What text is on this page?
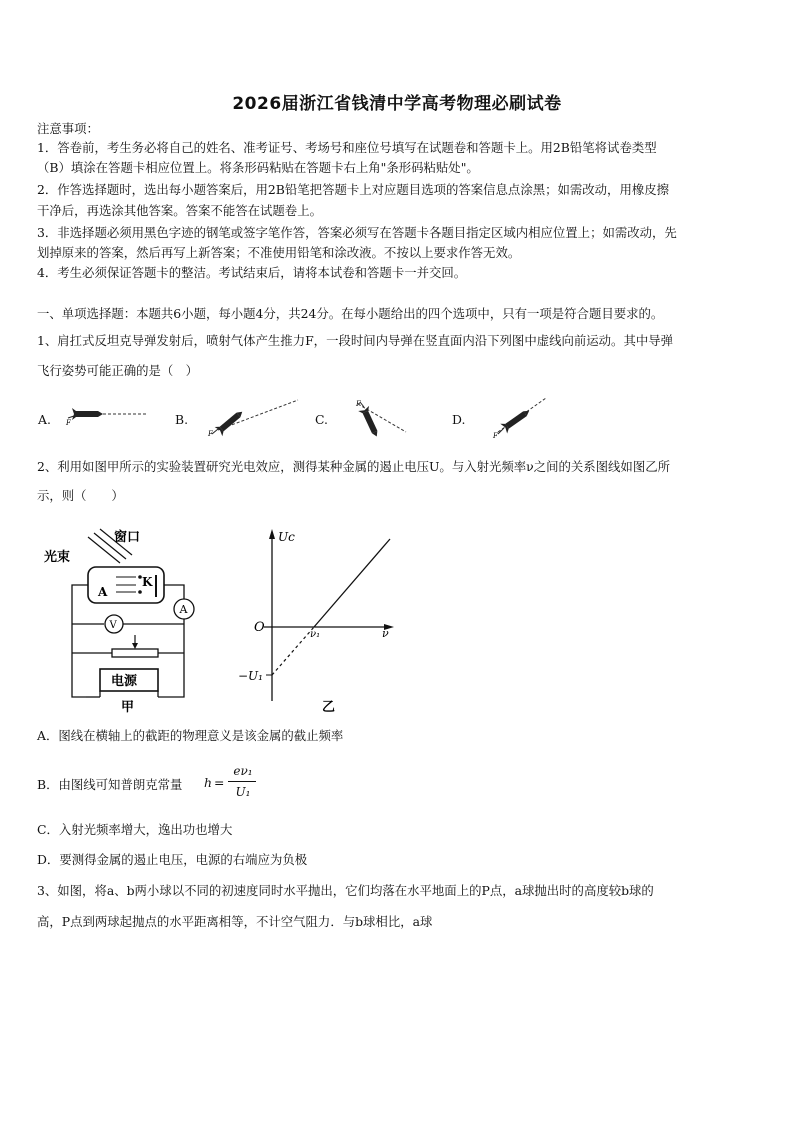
2026届浙江省钱清中学高考物理必刷试卷
注意事项：
1．答卷前，考生务必将自己的姓名、准考证号、考场号和座位号填写在试题卷和答题卡上。用2B铅笔将试卷类型
（B）填涂在答题卡相应位置上。将条形码粘贴在答题卡右上角"条形码粘贴处"。
2．作答选择题时，选出每小题答案后，用2B铅笔把答题卡上对应题目选项的答案信息点涂黑；如需改动，用橡皮擦
干净后，再选涂其他答案。答案不能答在试题卷上。
3．非选择题必须用黑色字迹的钢笔或签字笔作答，答案必须写在答题卡各题目指定区域内相应位置上；如需改动，先
划掉原来的答案，然后再写上新答案；不准使用铅笔和涂改液。不按以上要求作答无效。
4．考生必须保证答题卡的整洁。考试结束后，请将本试卷和答题卡一并交回。
一、单项选择题：本题共6小题，每小题4分，共24分。在每小题给出的四个选项中，只有一项是符合题目要求的。
1、肩扛式反坦克导弹发射后，喷射气体产生推力F，一段时间内导弹在竖直面内沿下列图中虚线向前运动。其中导弹
飞行姿势可能正确的是（　）
A.	B.	C.	D.
F
F
F
F
2、利用如图甲所示的实验装置研究光电效应，测得某种金属的遏止电压U。与入射光频率ν之间的关系图线如图乙所
示，则（　　）
光束
窗口
A
K
A
V
电源
甲
Uc
O	ν
ν₁
−U₁
乙
A．图线在横轴上的截距的物理意义是该金属的截止频率
B．由图线可知普朗克常量 h =
eν₁
U₁
C．入射光频率增大，逸出功也增大
D．要测得金属的遏止电压，电源的右端应为负极
3、如图，将a、b两小球以不同的初速度同时水平抛出，它们均落在水平地面上的P点，a球抛出时的高度较b球的
高，P点到两球起抛点的水平距离相等，不计空气阻力．与b球相比，a球
